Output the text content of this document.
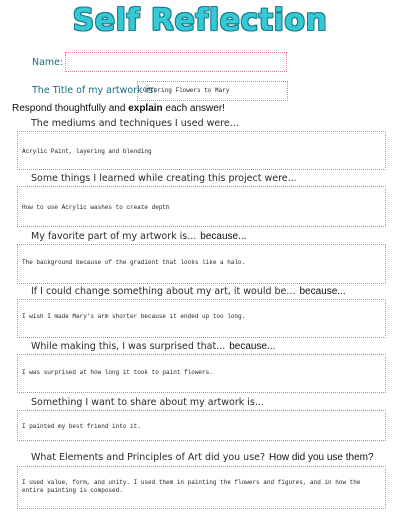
Self Reflection
Name:
The Title of my artwork is:
Offering Flowers to Mary
Respond thoughtfully and explain each answer!
The mediums and techniques I used were...
Acrylic Paint, layering and blending
Some things I learned while creating this project were...
How to use Acrylic washes to create depth
My favorite part of my artwork is... because...
The background because of the gradient that looks like a halo.
If I could change something about my art, it would be... because...
I wish I made Mary's arm shorter because it ended up too long.
While making this, I was surprised that... because...
I was surprised at how long it took to paint flowers.
Something I want to share about my artwork is...
I painted my best friend into it.
What Elements and Principles of Art did you use? How did you use them?
I used value, form, and unity. I used them in painting the flowers and figures, and in how the entire painting is composed.
